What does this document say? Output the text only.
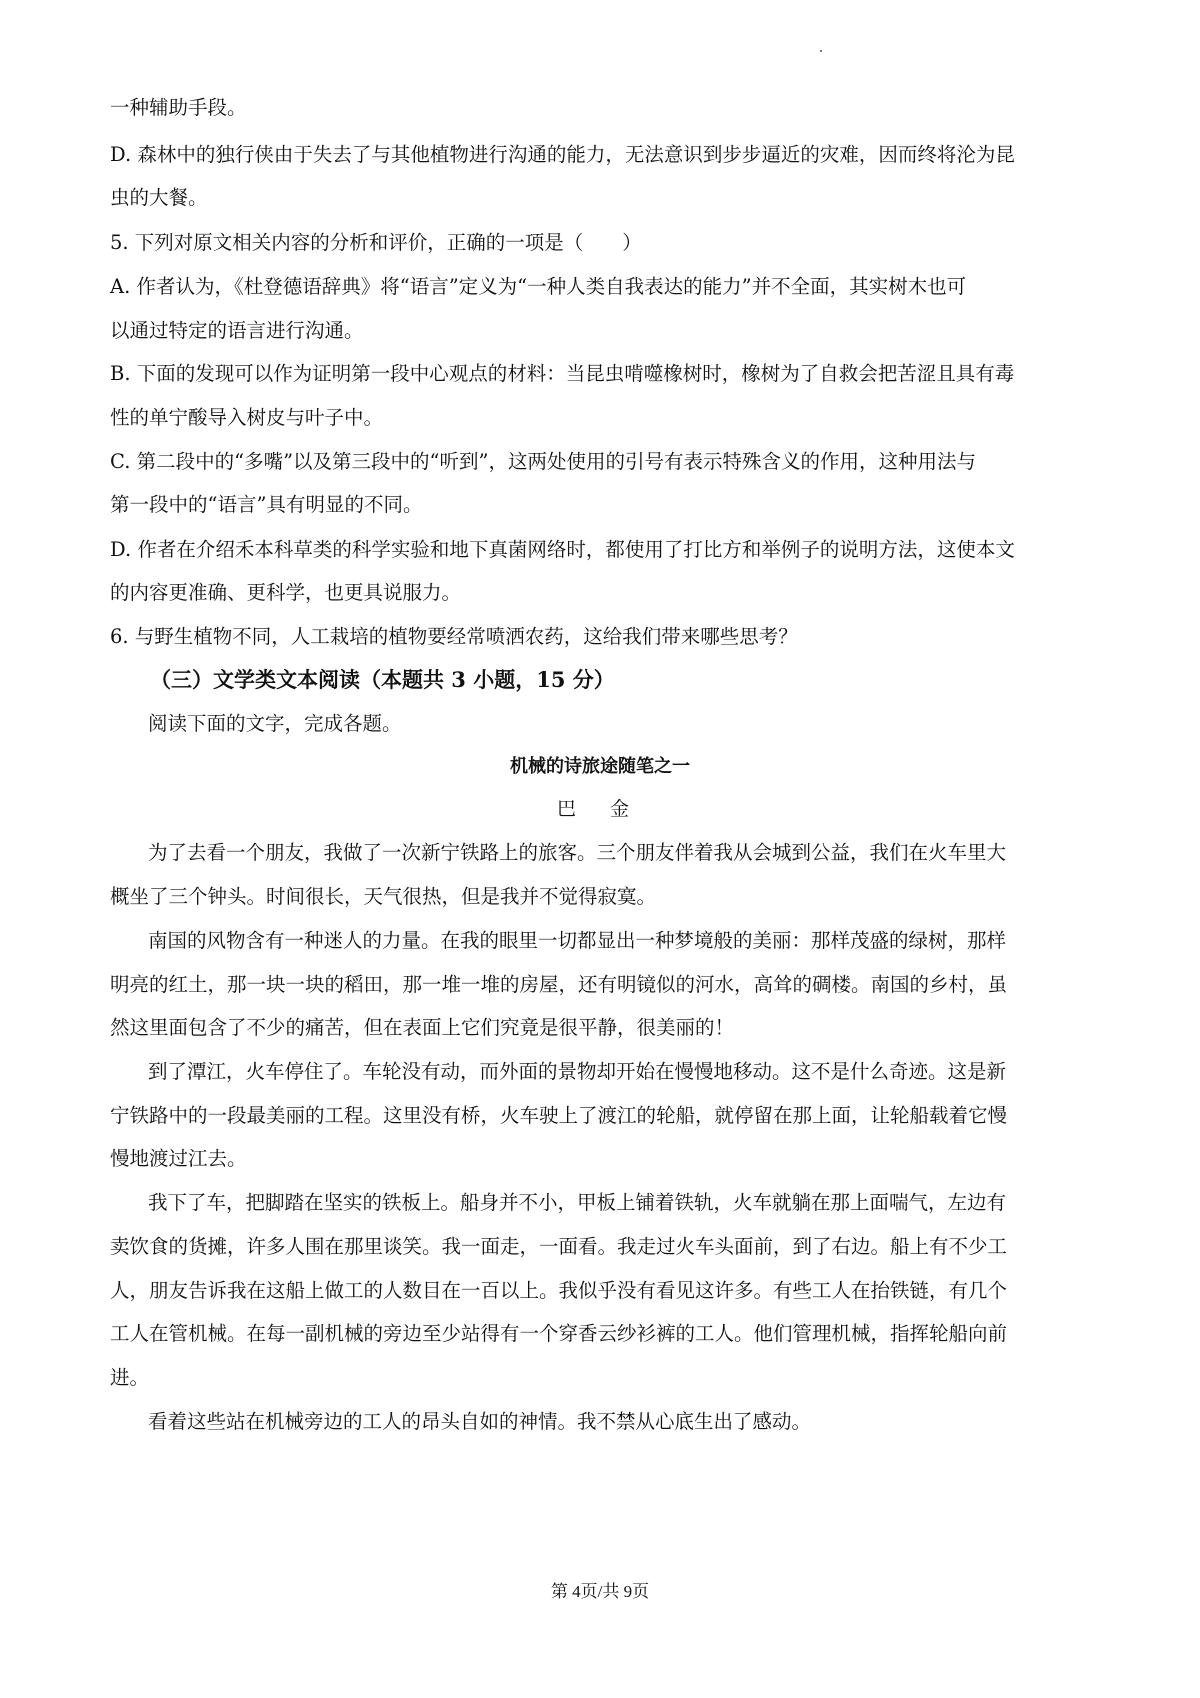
一种辅助手段。
D. 森林中的独行侠由于失去了与其他植物进行沟通的能力，无法意识到步步逼近的灾难，因而终将沦为昆
虫的大餐。
5. 下列对原文相关内容的分析和评价，正确的一项是（　　）
A. 作者认为，《杜登德语辞典》将“语言”定义为“一种人类自我表达的能力”并不全面，其实树木也可
以通过特定的语言进行沟通。
B. 下面的发现可以作为证明第一段中心观点的材料：当昆虫啃噬橡树时，橡树为了自救会把苦涩且具有毒
性的单宁酸导入树皮与叶子中。
C. 第二段中的“多嘴”以及第三段中的“听到”，这两处使用的引号有表示特殊含义的作用，这种用法与
第一段中的“语言”具有明显的不同。
D. 作者在介绍禾本科草类的科学实验和地下真菌网络时，都使用了打比方和举例子的说明方法，这使本文
的内容更准确、更科学，也更具说服力。
6. 与野生植物不同，人工栽培的植物要经常喷洒农药，这给我们带来哪些思考？
（三）文学类文本阅读（本题共 3 小题，15 分）
阅读下面的文字，完成各题。
机械的诗旅途随笔之一
巴 金
为了去看一个朋友，我做了一次新宁铁路上的旅客。三个朋友伴着我从会城到公益，我们在火车里大
概坐了三个钟头。时间很长，天气很热，但是我并不觉得寂寞。
南国的风物含有一种迷人的力量。在我的眼里一切都显出一种梦境般的美丽：那样茂盛的绿树，那样
明亮的红土，那一块一块的稻田，那一堆一堆的房屋，还有明镜似的河水，高耸的碉楼。南国的乡村，虽
然这里面包含了不少的痛苦，但在表面上它们究竟是很平静，很美丽的！
到了潭江，火车停住了。车轮没有动，而外面的景物却开始在慢慢地移动。这不是什么奇迹。这是新
宁铁路中的一段最美丽的工程。这里没有桥，火车驶上了渡江的轮船，就停留在那上面，让轮船载着它慢
慢地渡过江去。
我下了车，把脚踏在坚实的铁板上。船身并不小，甲板上铺着铁轨，火车就躺在那上面喘气，左边有
卖饮食的货摊，许多人围在那里谈笑。我一面走，一面看。我走过火车头面前，到了右边。船上有不少工
人，朋友告诉我在这船上做工的人数目在一百以上。我似乎没有看见这许多。有些工人在抬铁链，有几个
工人在管机械。在每一副机械的旁边至少站得有一个穿香云纱衫裤的工人。他们管理机械，指挥轮船向前
进。
看着这些站在机械旁边的工人的昂头自如的神情。我不禁从心底生出了感动。
第 4页/共 9页
